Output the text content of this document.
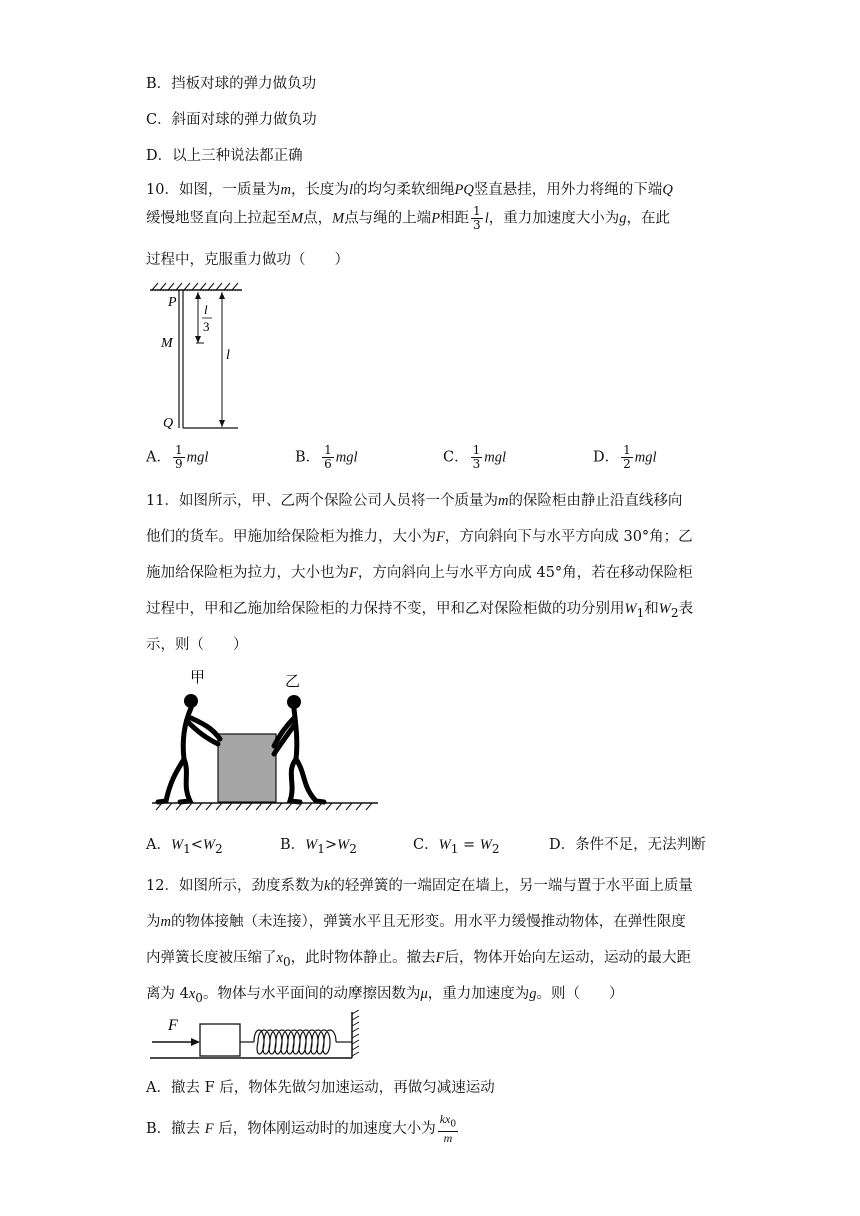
B．挡板对球的弹力做负功
C．斜面对球的弹力做负功
D．以上三种说法都正确
10．如图，一质量为m，长度为l的均匀柔软细绳PQ竖直悬挂，用外力将绳的下端Q
缓慢地竖直向上拉起至M点，M点与绳的上端P相距 $\frac{1}{3}$ l，重力加速度大小为g，在此
过程中，克服重力做功（　　）
P
M
Q
l
3
l
A． $\frac{1}{9}$ mgl	B． $\frac{1}{6}$ mgl	C． $\frac{1}{3}$ mgl	D． $\frac{1}{2}$ mgl
11．如图所示，甲、乙两个保险公司人员将一个质量为m的保险柜由静止沿直线移向
他们的货车。甲施加给保险柜为推力，大小为F，方向斜向下与水平方向成 30°角；乙
施加给保险柜为拉力，大小也为F，方向斜向上与水平方向成 45°角，若在移动保险柜
过程中，甲和乙施加给保险柜的力保持不变，甲和乙对保险柜做的功分别用$W_1$和$W_2$表
示，则（　　）
甲	乙
A．$W_1<W_2$	B．$W_1>W_2$	C．$W_1 = W_2$	D．条件不足，无法判断
12．如图所示，劲度系数为k的轻弹簧的一端固定在墙上，另一端与置于水平面上质量
为m的物体接触（未连接），弹簧水平且无形变。用水平力缓慢推动物体，在弹性限度
内弹簧长度被压缩了$x_0$，此时物体静止。撤去F后，物体开始向左运动，运动的最大距
离为 $4x_0$。物体与水平面间的动摩擦因数为μ，重力加速度为g。则（　　）
F
A．撤去 F 后，物体先做匀加速运动，再做匀减速运动
B．撤去 F 后，物体刚运动时的加速度大小为 $\frac{kx_0}{m}$
